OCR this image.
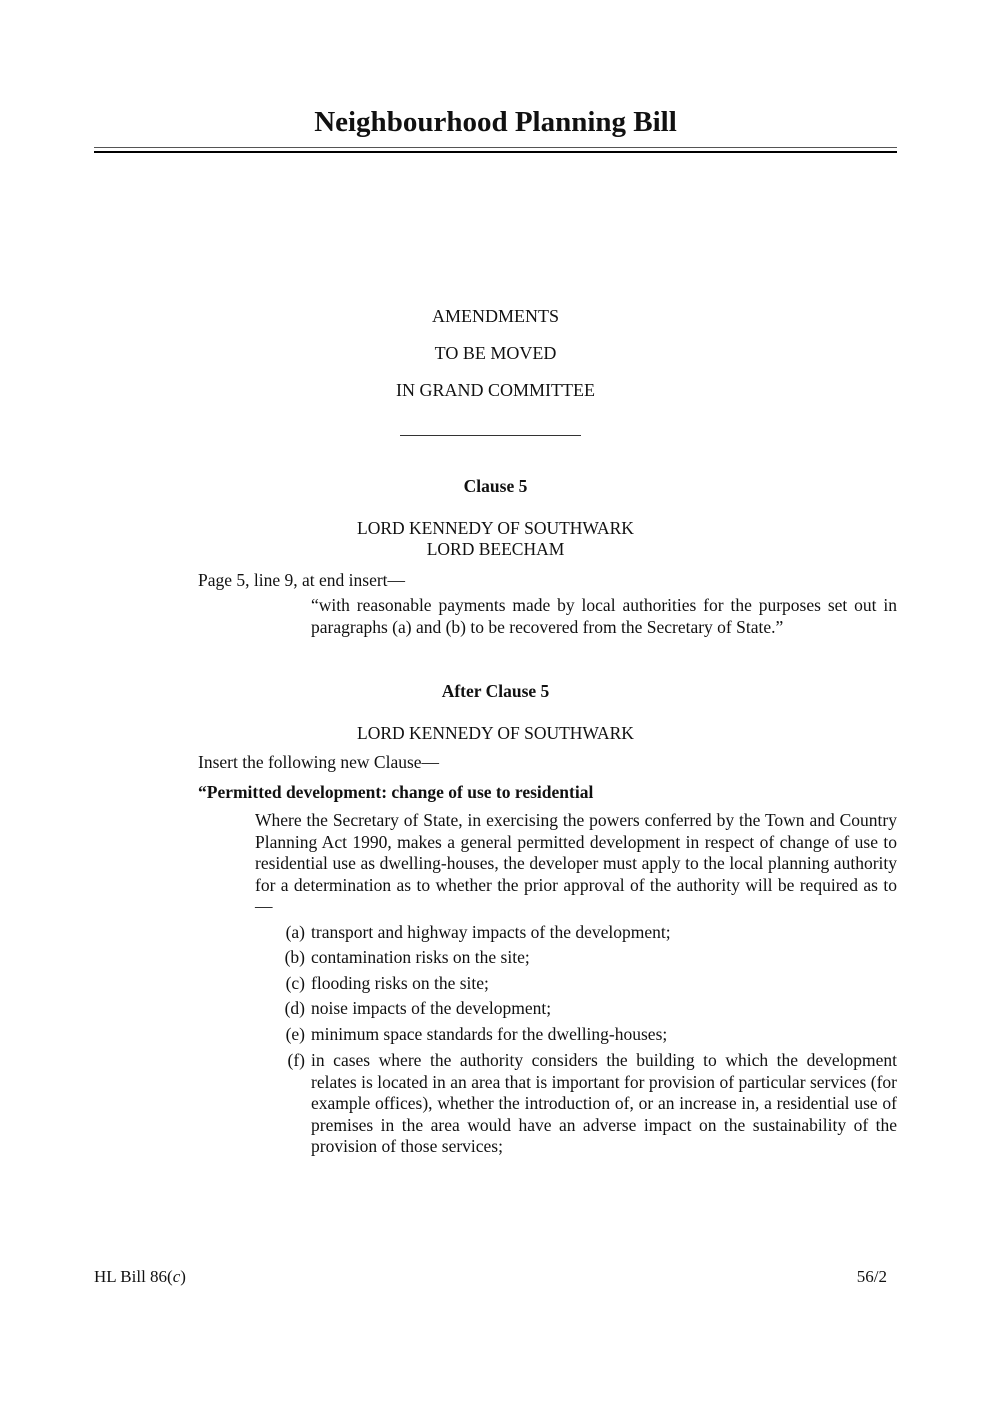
Neighbourhood Planning Bill
AMENDMENTS
TO BE MOVED
IN GRAND COMMITTEE
Clause 5
LORD KENNEDY OF SOUTHWARK
LORD BEECHAM
Page 5, line 9, at end insert—
“with reasonable payments made by local authorities for the purposes set out in paragraphs (a) and (b) to be recovered from the Secretary of State.”
After Clause 5
LORD KENNEDY OF SOUTHWARK
Insert the following new Clause—
“Permitted development: change of use to residential
Where the Secretary of State, in exercising the powers conferred by the Town and Country Planning Act 1990, makes a general permitted development in respect of change of use to residential use as dwelling-houses, the developer must apply to the local planning authority for a determination as to whether the prior approval of the authority will be required as to—
(a) transport and highway impacts of the development;
(b) contamination risks on the site;
(c) flooding risks on the site;
(d) noise impacts of the development;
(e) minimum space standards for the dwelling-houses;
(f) in cases where the authority considers the building to which the development relates is located in an area that is important for provision of particular services (for example offices), whether the introduction of, or an increase in, a residential use of premises in the area would have an adverse impact on the sustainability of the provision of those services;
HL Bill 86(c)	56/2
